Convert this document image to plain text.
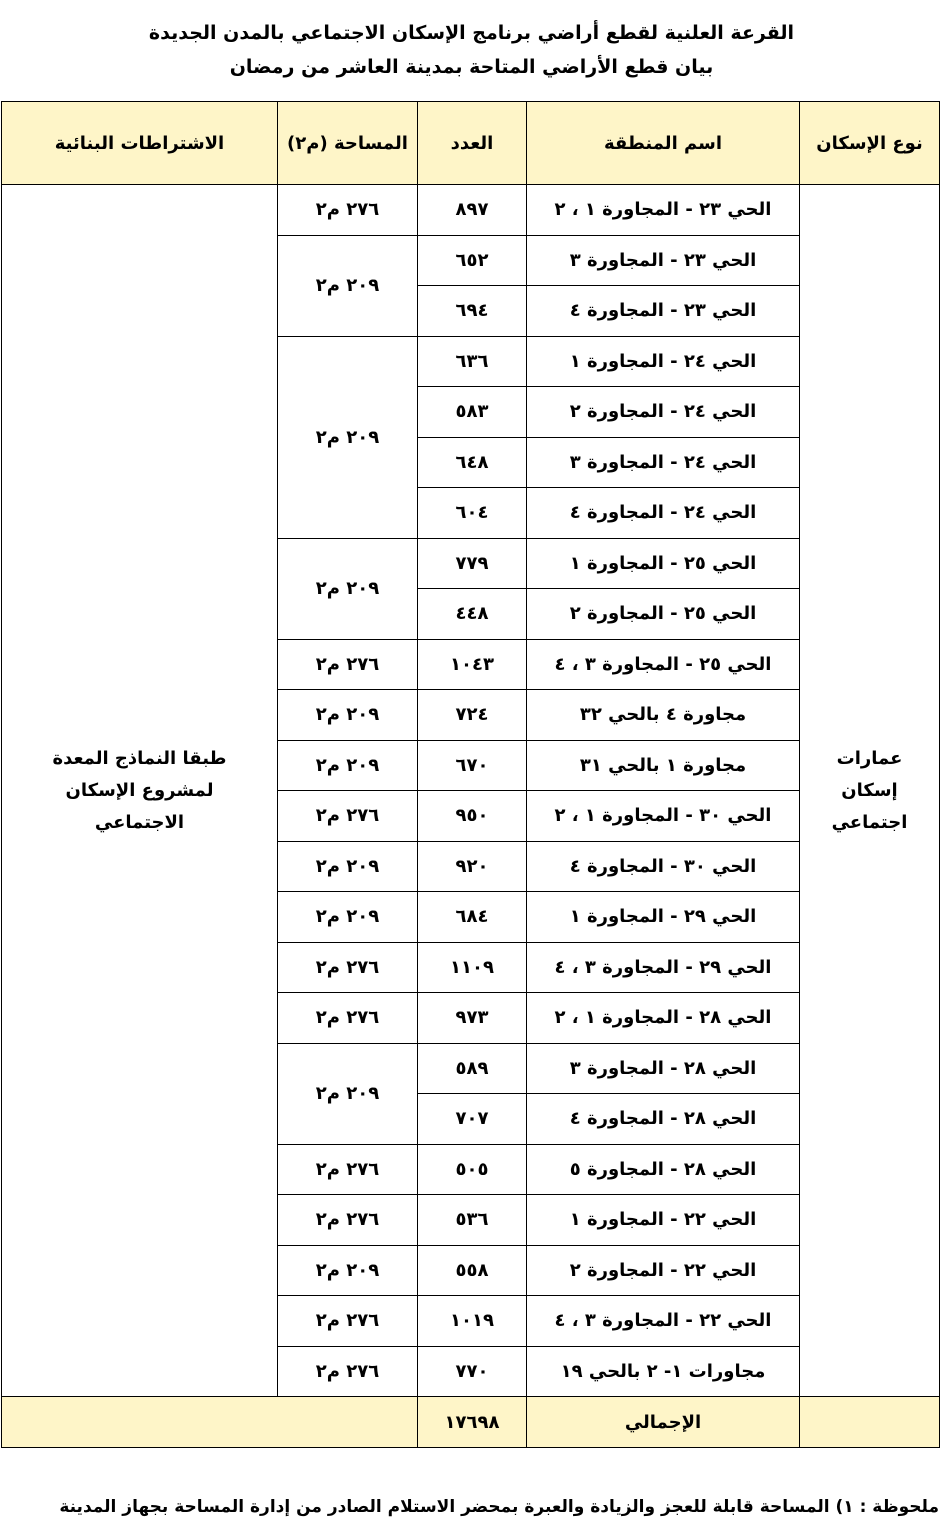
القرعة العلنية لقطع أراضي برنامج الإسكان الاجتماعي بالمدن الجديدة
بيان قطع الأراضي المتاحة بمدينة العاشر من رمضان
نوع الإسكان	اسم المنطقة	العدد	المساحة (م٢)	الاشتراطات البنائية
عمارات إسكان اجتماعي	الحي ٢٣ - المجاورة ١ ، ٢	٨٩٧	٢٧٦ م٢	طبقا النماذج المعدة لمشروع الإسكان الاجتماعي
	الحي ٢٣ - المجاورة ٣	٦٥٢	٢٠٩ م٢	
	الحي ٢٣ - المجاورة ٤	٦٩٤		
	الحي ٢٤ - المجاورة ١	٦٣٦	٢٠٩ م٢	
	الحي ٢٤ - المجاورة ٢	٥٨٣		
	الحي ٢٤ - المجاورة ٣	٦٤٨		
	الحي ٢٤ - المجاورة ٤	٦٠٤		
	الحي ٢٥ - المجاورة ١	٧٧٩	٢٠٩ م٢	
	الحي ٢٥ - المجاورة ٢	٤٤٨		
	الحي ٢٥ - المجاورة ٣ ، ٤	١٠٤٣	٢٧٦ م٢	
	مجاورة ٤ بالحي ٣٢	٧٢٤	٢٠٩ م٢	
	مجاورة ١ بالحي ٣١	٦٧٠	٢٠٩ م٢	
	الحي ٣٠ - المجاورة ١ ، ٢	٩٥٠	٢٧٦ م٢	
	الحي ٣٠ - المجاورة ٤	٩٢٠	٢٠٩ م٢	
	الحي ٢٩ - المجاورة ١	٦٨٤	٢٠٩ م٢	
	الحي ٢٩ - المجاورة ٣ ، ٤	١١٠٩	٢٧٦ م٢	
	الحي ٢٨ - المجاورة ١ ، ٢	٩٧٣	٢٧٦ م٢	
	الحي ٢٨ - المجاورة ٣	٥٨٩	٢٠٩ م٢	
	الحي ٢٨ - المجاورة ٤	٧٠٧		
	الحي ٢٨ - المجاورة ٥	٥٠٥	٢٧٦ م٢	
	الحي ٢٢ - المجاورة ١	٥٣٦	٢٧٦ م٢	
	الحي ٢٢ - المجاورة ٢	٥٥٨	٢٠٩ م٢	
	الحي ٢٢ - المجاورة ٣ ، ٤	١٠١٩	٢٧٦ م٢	
	مجاورات ١- ٢ بالحي ١٩	٧٧٠	٢٧٦ م٢	
	الإجمالي	١٧٦٩٨		
ملحوظة : ١) المساحة قابلة للعجز والزيادة والعبرة بمحضر الاستلام الصادر من إدارة المساحة بجهاز المدينة
